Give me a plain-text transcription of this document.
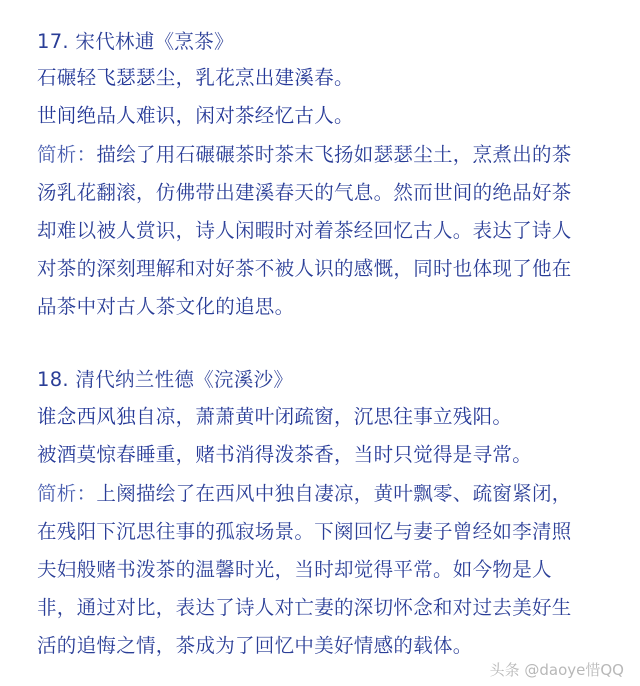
17. 宋代林逋《烹茶》
石碾轻飞瑟瑟尘，乳花烹出建溪春。
世间绝品人难识，闲对茶经忆古人。
简析：描绘了用石碾碾茶时茶末飞扬如瑟瑟尘土，烹煮出的茶
汤乳花翻滚，仿佛带出建溪春天的气息。然而世间的绝品好茶
却难以被人赏识，诗人闲暇时对着茶经回忆古人。表达了诗人
对茶的深刻理解和对好茶不被人识的感慨，同时也体现了他在
品茶中对古人茶文化的追思。
18. 清代纳兰性德《浣溪沙》
谁念西风独自凉，萧萧黄叶闭疏窗，沉思往事立残阳。
被酒莫惊春睡重，赌书消得泼茶香，当时只觉得是寻常。
简析：上阕描绘了在西风中独自凄凉，黄叶飘零、疏窗紧闭，
在残阳下沉思往事的孤寂场景。下阕回忆与妻子曾经如李清照
夫妇般赌书泼茶的温馨时光，当时却觉得平常。如今物是人
非，通过对比，表达了诗人对亡妻的深切怀念和对过去美好生
活的追悔之情，茶成为了回忆中美好情感的载体。
头条 @daoye惜QQ
